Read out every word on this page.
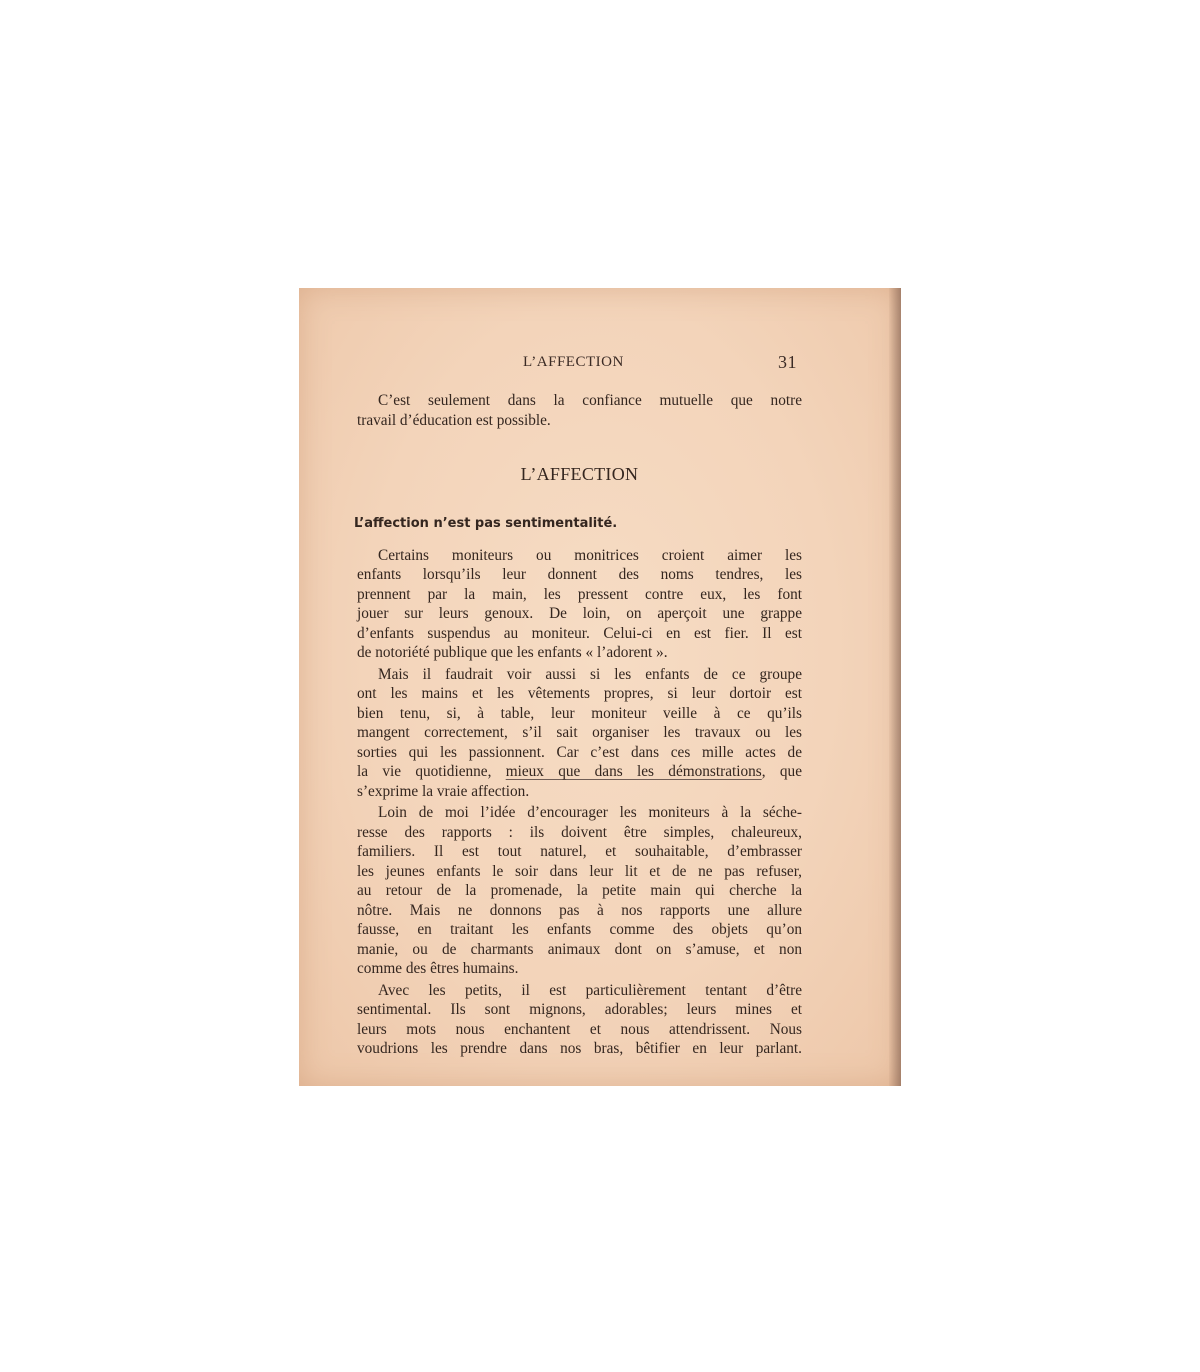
L’AFFECTION	31
C’est seulement dans la confiance mutuelle que notre
travail d’éducation est possible.
L’AFFECTION
L’affection n’est pas sentimentalité.
Certains moniteurs ou monitrices croient aimer les
enfants lorsqu’ils leur donnent des noms tendres, les
prennent par la main, les pressent contre eux, les font
jouer sur leurs genoux. De loin, on aperçoit une grappe
d’enfants suspendus au moniteur. Celui-ci en est fier. Il est
de notoriété publique que les enfants « l’adorent ».
Mais il faudrait voir aussi si les enfants de ce groupe
ont les mains et les vêtements propres, si leur dortoir est
bien tenu, si, à table, leur moniteur veille à ce qu’ils
mangent correctement, s’il sait organiser les travaux ou les
sorties qui les passionnent. Car c’est dans ces mille actes de
la vie quotidienne, mieux que dans les démonstrations, que
s’exprime la vraie affection.
Loin de moi l’idée d’encourager les moniteurs à la séche-
resse des rapports : ils doivent être simples, chaleureux,
familiers. Il est tout naturel, et souhaitable, d’embrasser
les jeunes enfants le soir dans leur lit et de ne pas refuser,
au retour de la promenade, la petite main qui cherche la
nôtre. Mais ne donnons pas à nos rapports une allure
fausse, en traitant les enfants comme des objets qu’on
manie, ou de charmants animaux dont on s’amuse, et non
comme des êtres humains.
Avec les petits, il est particulièrement tentant d’être
sentimental. Ils sont mignons, adorables; leurs mines et
leurs mots nous enchantent et nous attendrissent. Nous
voudrions les prendre dans nos bras, bêtifier en leur parlant.
